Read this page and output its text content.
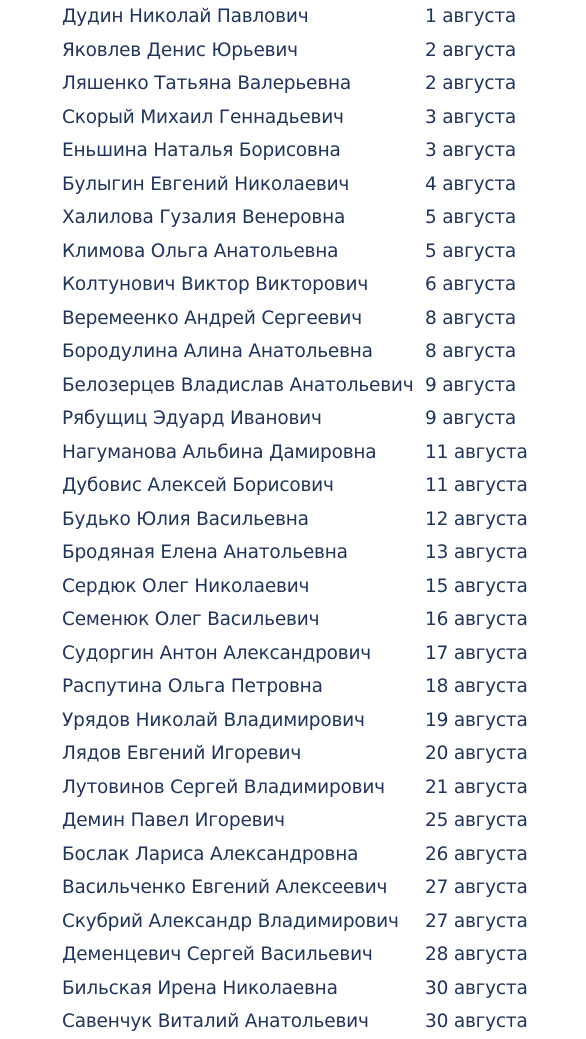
Дудин Николай Павлович	1 августа
Яковлев Денис Юрьевич	2 августа
Ляшенко Татьяна Валерьевна	2 августа
Скорый Михаил Геннадьевич	3 августа
Еньшина Наталья Борисовна	3 августа
Булыгин Евгений Николаевич	4 августа
Халилова Гузалия Венеровна	5 августа
Климова Ольга Анатольевна	5 августа
Колтунович Виктор Викторович	6 августа
Веремеенко Андрей Сергеевич	8 августа
Бородулина Алина Анатольевна	8 августа
Белозерцев Владислав Анатольевич 9 августа
Рябущиц Эдуард Иванович	9 августа
Нагуманова Альбина Дамировна	11 августа
Дубовис Алексей Борисович	11 августа
Будько Юлия Васильевна	12 августа
Бродяная Елена Анатольевна	13 августа
Сердюк Олег Николаевич	15 августа
Семенюк Олег Васильевич	16 августа
Судоргин Антон Александрович	17 августа
Распутина Ольга Петровна	18 августа
Урядов Николай Владимирович	19 августа
Лядов Евгений Игоревич	20 августа
Лутовинов Сергей Владимирович 21 августа
Демин Павел Игоревич	25 августа
Бослак Лариса Александровна	26 августа
Васильченко Евгений Алексеевич 27 августа
Скубрий Александр Владимирович 27 августа
Деменцевич Сергей Васильевич	28 августа
Бильская Ирена Николаевна	30 августа
Савенчук Виталий Анатольевич	30 августа
